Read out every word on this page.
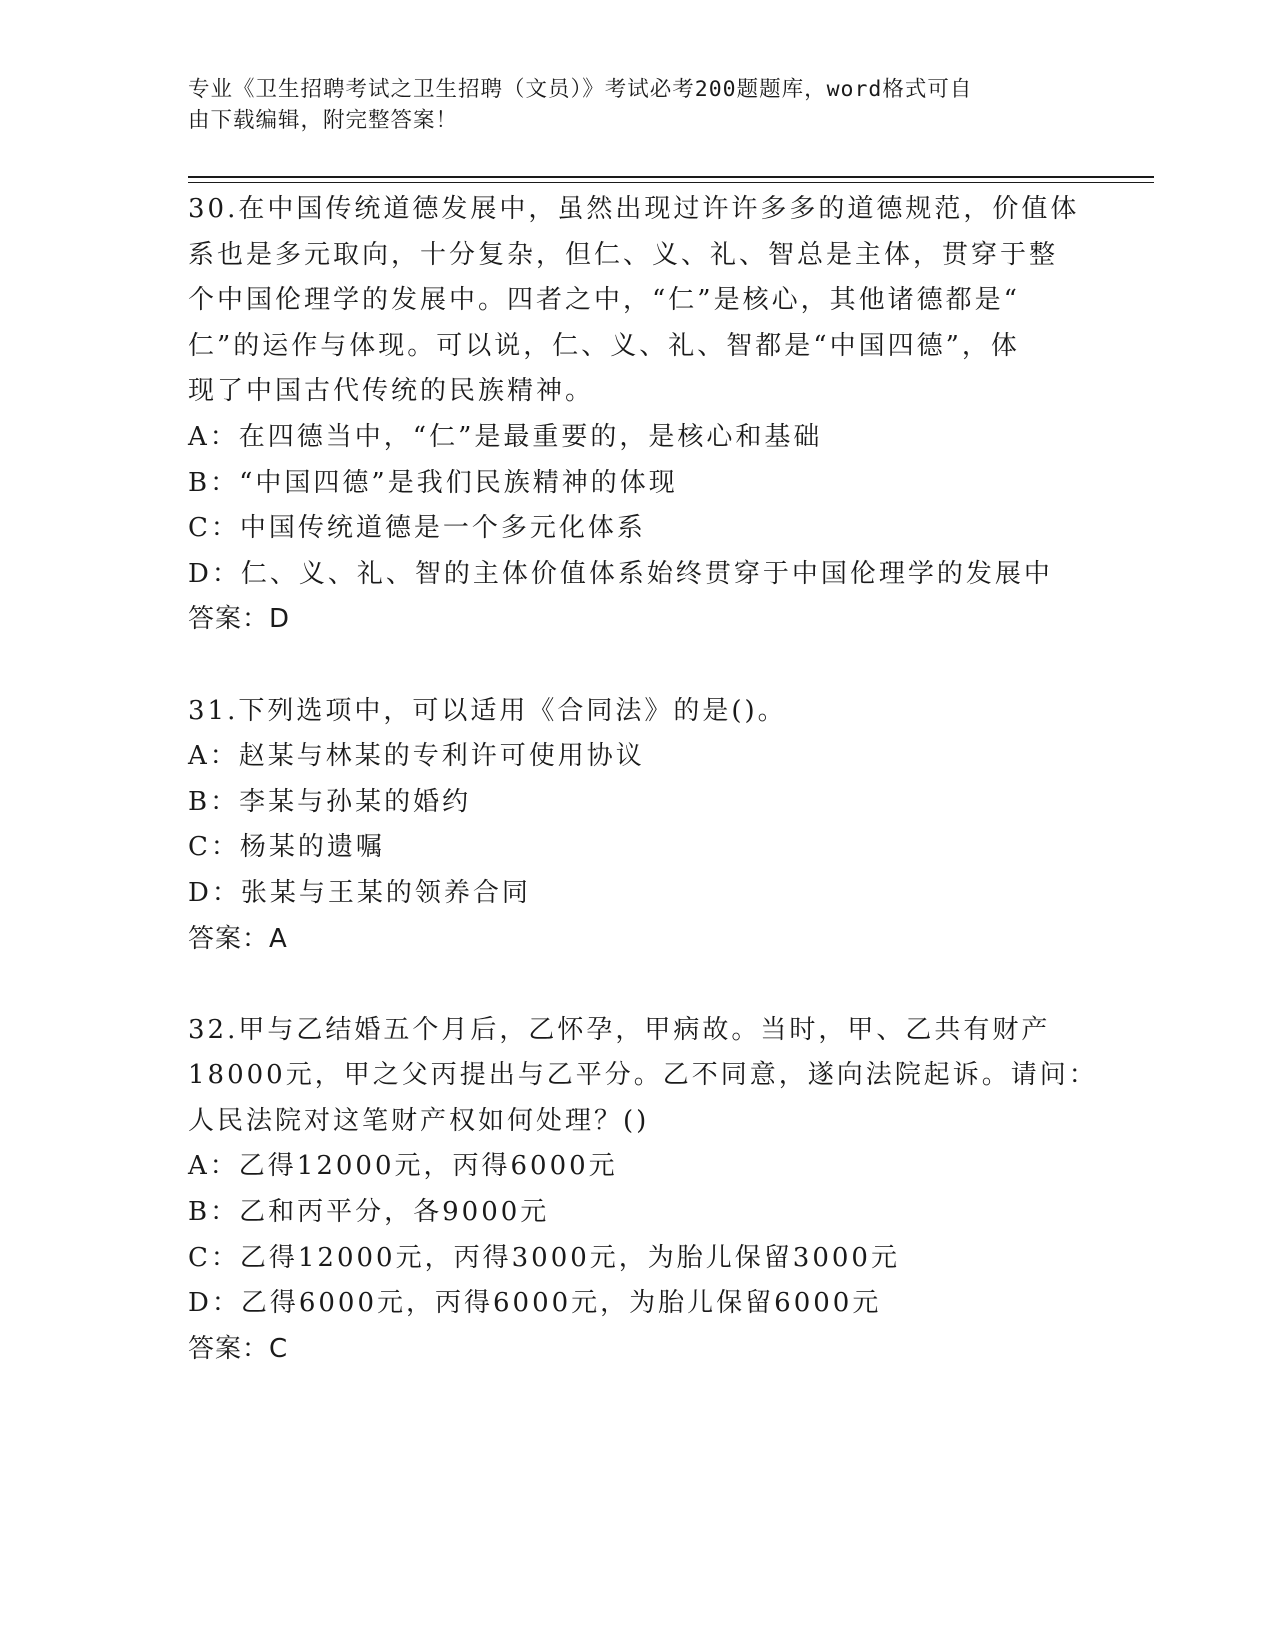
专业《卫生招聘考试之卫生招聘（文员）》考试必考200题题库，word格式可自
由下载编辑，附完整答案！
30.在中国传统道德发展中，虽然出现过许许多多的道德规范，价值体
系也是多元取向，十分复杂，但仁、义、礼、智总是主体，贯穿于整
个中国伦理学的发展中。四者之中，“仁”是核心，其他诸德都是“
仁”的运作与体现。可以说，仁、义、礼、智都是“中国四德”，体
现了中国古代传统的民族精神。
A：在四德当中，“仁”是最重要的，是核心和基础
B：“中国四德”是我们民族精神的体现
C：中国传统道德是一个多元化体系
D：仁、义、礼、智的主体价值体系始终贯穿于中国伦理学的发展中
答案：D
31.下列选项中，可以适用《合同法》的是()。
A：赵某与林某的专利许可使用协议
B：李某与孙某的婚约
C：杨某的遗嘱
D：张某与王某的领养合同
答案：A
32.甲与乙结婚五个月后，乙怀孕，甲病故。当时，甲、乙共有财产
18000元，甲之父丙提出与乙平分。乙不同意，遂向法院起诉。请问：
人民法院对这笔财产权如何处理？()
A：乙得12000元，丙得6000元
B：乙和丙平分，各9000元
C：乙得12000元，丙得3000元，为胎儿保留3000元
D：乙得6000元，丙得6000元，为胎儿保留6000元
答案：C
